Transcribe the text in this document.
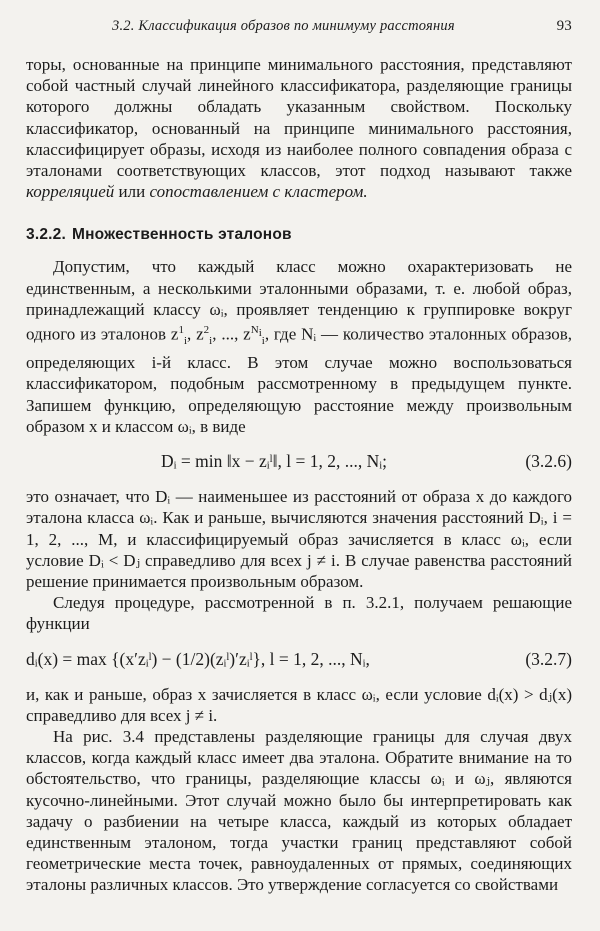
3.2. Классификация образов по минимуму расстояния	93

торы, основанные на принципе минимального расстояния, представляют собой частный случай линейного классификатора, разделяющие границы которого должны обладать указанным свойством. Поскольку классификатор, основанный на принципе минимального расстояния, классифицирует образы, исходя из наиболее полного совпадения образа с эталонами соответствующих классов, этот подход называют также корреляцией или сопоставлением с кластером.

3.2.2. Множественность эталонов

Допустим, что каждый класс можно охарактеризовать не единственным, а несколькими эталонными образами, т. е. любой образ, принадлежащий классу ωᵢ, проявляет тенденцию к группировке вокруг одного из эталонов $z^1_i$, $z^2_i$, ..., $z^{N_i}_i$, где Nᵢ — количество эталонных образов, определяющих i-й класс. В этом случае можно воспользоваться классификатором, подобным рассмотренному в предыдущем пункте. Запишем функцию, определяющую расстояние между произвольным образом x и классом ωᵢ, в виде

Dᵢ = min ‖x − zᵢˡ‖, l = 1, 2, ..., Nᵢ;	(3.2.6)

это означает, что Dᵢ — наименьшее из расстояний от образа x до каждого эталона класса ωᵢ. Как и раньше, вычисляются значения расстояний Dᵢ, i = 1, 2, ..., M, и классифицируемый образ зачисляется в класс ωᵢ, если условие Dᵢ < Dⱼ справедливо для всех j ≠ i. В случае равенства расстояний решение принимается произвольным образом.

Следуя процедуре, рассмотренной в п. 3.2.1, получаем решающие функции

dᵢ(x) = max {(x′zᵢˡ) − (1/2)(zᵢˡ)′zᵢˡ}, l = 1, 2, ..., Nᵢ,	(3.2.7)

и, как и раньше, образ x зачисляется в класс ωᵢ, если условие dᵢ(x) > dⱼ(x) справедливо для всех j ≠ i.

На рис. 3.4 представлены разделяющие границы для случая двух классов, когда каждый класс имеет два эталона. Обратите внимание на то обстоятельство, что границы, разделяющие классы ωᵢ и ωⱼ, являются кусочно-линейными. Этот случай можно было бы интерпретировать как задачу о разбиении на четыре класса, каждый из которых обладает единственным эталоном, тогда участки границ представляют собой геометрические места точек, равноудаленных от прямых, соединяющих эталоны различных классов. Это утверждение согласуется со свойствами
